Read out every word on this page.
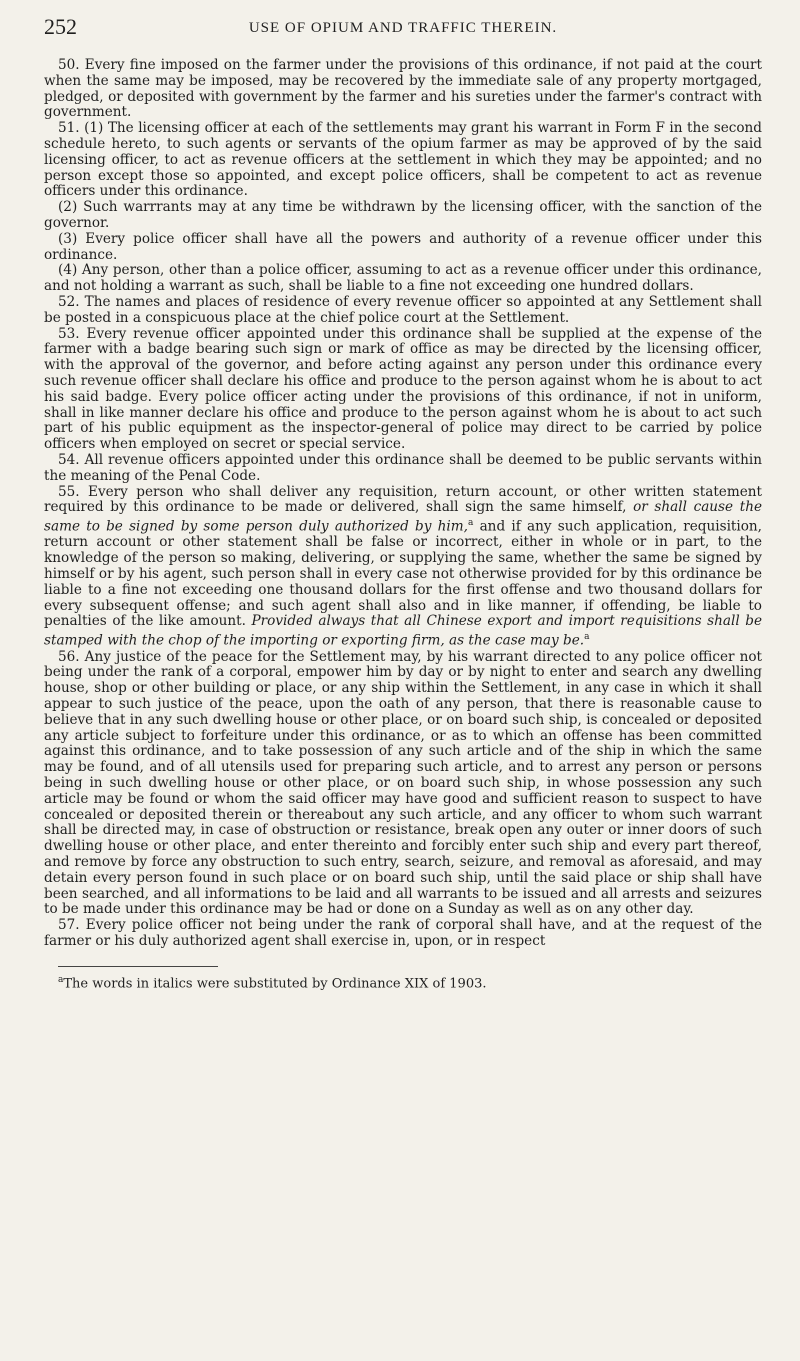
252	USE OF OPIUM AND TRAFFIC THEREIN.

50. Every fine imposed on the farmer under the provisions of this ordinance, if not paid at the court when the same may be imposed, may be recovered by the immediate sale of any property mortgaged, pledged, or deposited with government by the farmer and his sureties under the farmer's contract with government.

51. (1) The licensing officer at each of the settlements may grant his warrant in Form F in the second schedule hereto, to such agents or servants of the opium farmer as may be approved of by the said licensing officer, to act as revenue officers at the settlement in which they may be appointed; and no person except those so appointed, and except police officers, shall be competent to act as revenue officers under this ordinance.

(2) Such warrrants may at any time be withdrawn by the licensing officer, with the sanction of the governor.

(3) Every police officer shall have all the powers and authority of a revenue officer under this ordinance.

(4) Any person, other than a police officer, assuming to act as a revenue officer under this ordinance, and not holding a warrant as such, shall be liable to a fine not exceeding one hundred dollars.

52. The names and places of residence of every revenue officer so appointed at any Settlement shall be posted in a conspicuous place at the chief police court at the Settlement.

53. Every revenue officer appointed under this ordinance shall be supplied at the expense of the farmer with a badge bearing such sign or mark of office as may be directed by the licensing officer, with the approval of the governor, and before acting against any person under this ordinance every such revenue officer shall declare his office and produce to the person against whom he is about to act his said badge. Every police officer acting under the provisions of this ordinance, if not in uniform, shall in like manner declare his office and produce to the person against whom he is about to act such part of his public equipment as the inspector-general of police may direct to be carried by police officers when employed on secret or special service.

54. All revenue officers appointed under this ordinance shall be deemed to be public servants within the meaning of the Penal Code.

55. Every person who shall deliver any requisition, return account, or other written statement required by this ordinance to be made or delivered, shall sign the same himself, or shall cause the same to be signed by some person duly authorized by him,$^a$ and if any such application, requisition, return account or other statement shall be false or incorrect, either in whole or in part, to the knowledge of the person so making, delivering, or supplying the same, whether the same be signed by himself or by his agent, such person shall in every case not otherwise provided for by this ordinance be liable to a fine not exceeding one thousand dollars for the first offense and two thousand dollars for every subsequent offense; and such agent shall also and in like manner, if offending, be liable to penalties of the like amount. Provided always that all Chinese export and import requisitions shall be stamped with the chop of the importing or exporting firm, as the case may be.$^a$

56. Any justice of the peace for the Settlement may, by his warrant directed to any police officer not being under the rank of a corporal, empower him by day or by night to enter and search any dwelling house, shop or other building or place, or any ship within the Settlement, in any case in which it shall appear to such justice of the peace, upon the oath of any person, that there is reasonable cause to believe that in any such dwelling house or other place, or on board such ship, is concealed or deposited any article subject to forfeiture under this ordinance, or as to which an offense has been committed against this ordinance, and to take possession of any such article and of the ship in which the same may be found, and of all utensils used for preparing such article, and to arrest any person or persons being in such dwelling house or other place, or on board such ship, in whose possession any such article may be found or whom the said officer may have good and sufficient reason to suspect to have concealed or deposited therein or thereabout any such article, and any officer to whom such warrant shall be directed may, in case of obstruction or resistance, break open any outer or inner doors of such dwelling house or other place, and enter thereinto and forcibly enter such ship and every part thereof, and remove by force any obstruction to such entry, search, seizure, and removal as aforesaid, and may detain every person found in such place or on board such ship, until the said place or ship shall have been searched, and all informations to be laid and all warrants to be issued and all arrests and seizures to be made under this ordinance may be had or done on a Sunday as well as on any other day.

57. Every police officer not being under the rank of corporal shall have, and at the request of the farmer or his duly authorized agent shall exercise in, upon, or in respect

$^a$The words in italics were substituted by Ordinance XIX of 1903.
